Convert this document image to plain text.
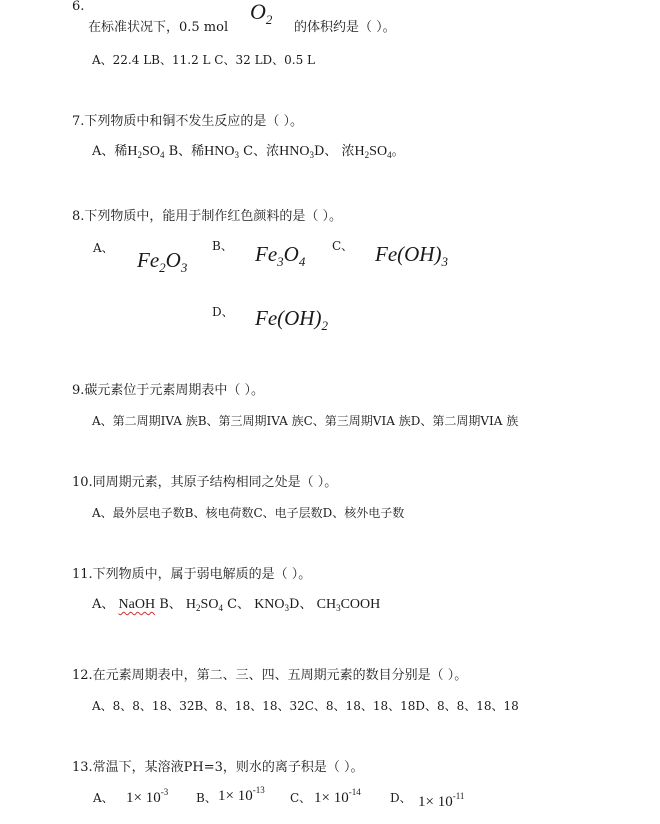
6.
在标准状况下，0.5 mol
$O_2$
的体积约是（ ）。
A、22.4 LB、11.2 L C、32 LD、0.5 L
7.下列物质中和铜不发生反应的是（ ）。
A、稀$H_2SO_4$ B、稀$HNO_3$ C、浓$HNO_3D$、 浓$H_2SO_4$。
8.下列物质中，能用于制作红色颜料的是（ ）。
A、 $Fe_2O_3$
B、 $Fe_3O_4$
C、 $Fe(OH)_3$
D、 $Fe(OH)_2$
9.碳元素位于元素周期表中（ ）。
A、第二周期IVA 族B、第三周期IVA 族C、第三周期VIA 族D、第二周期VIA 族
10.同周期元素，其原子结构相同之处是（ ）。
A、最外层电子数B、核电荷数C、电子层数D、核外电子数
11.下列物质中，属于弱电解质的是（ ）。
A、 NaOH B、 $H_2SO_4$ C、 $KNO_3D$、 $CH_3COOH$
12.在元素周期表中，第二、三、四、五周期元素的数目分别是（ ）。
A、8、8、18、32B、8、18、18、32C、8、18、18、18D、8、8、18、18
13.常温下，某溶液PH=3，则水的离子积是（ ）。
A、 $1\times 10^{-3}$ B、 $1\times 10^{-13}$
C、 $1\times 10^{-14}$ D、 $1\times 10^{-11}$
